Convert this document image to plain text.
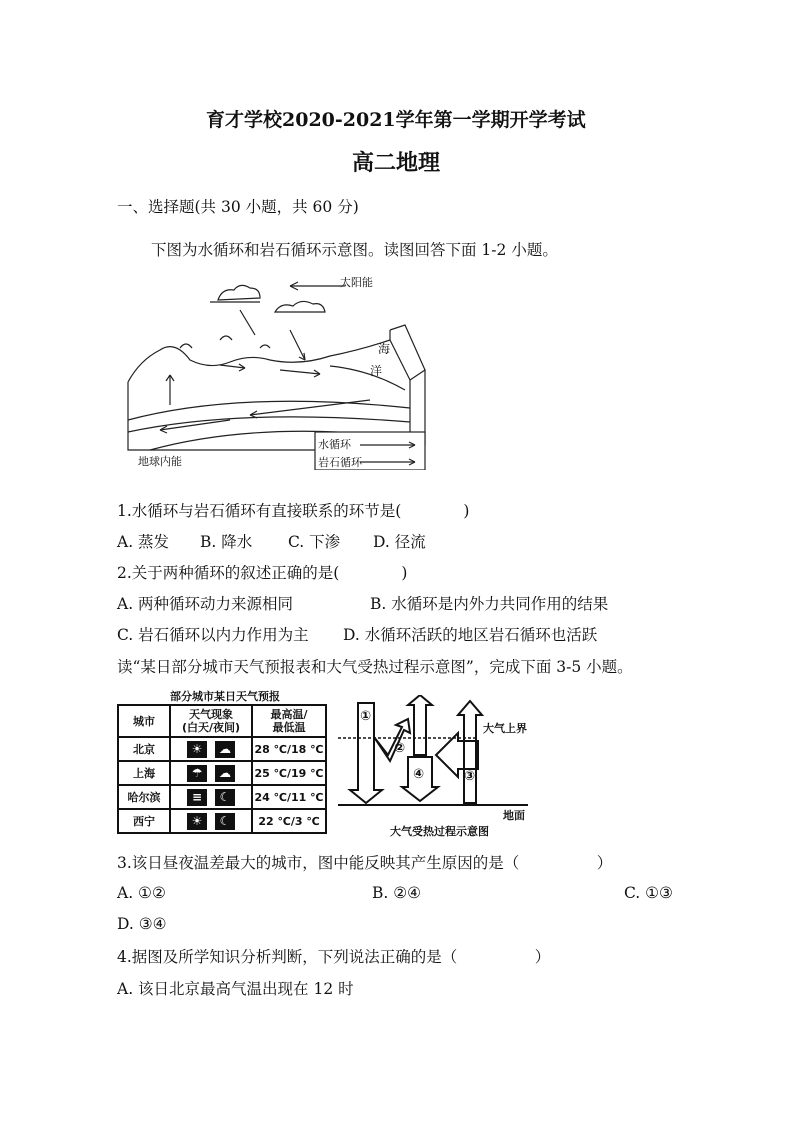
育才学校2020-2021学年第一学期开学考试
高二地理
一、选择题(共 30 小题，共 60 分)
下图为水循环和岩石循环示意图。读图回答下面 1-2 小题。
太阳能
海
洋
地球内能
水循环
岩石循环
1.水循环与岩石循环有直接联系的环节是(　　　　)
A. 蒸发 B. 降水 C. 下渗 D. 径流
2.关于两种循环的叙述正确的是(　　　　)
A. 两种循环动力来源相同	B. 水循环是内外力共同作用的结果
C. 岩石循环以内力作用为主 D. 水循环活跃的地区岩石循环也活跃
读“某日部分城市天气预报表和大气受热过程示意图”，完成下面 3-5 小题。
部分城市某日天气预报
城市	天气现象
(白天/夜间)	最高温/
最低温
北京	☀ ☁	28 ℃/18 ℃
上海	☂ ☁	25 ℃/19 ℃
哈尔滨	≡ ☾	24 ℃/11 ℃
西宁	☀ ☾	22 ℃/3 ℃
①
②
③
④
大气上界
地面
大气受热过程示意图
3.该日昼夜温差最大的城市，图中能反映其产生原因的是（　　　　　）
A. ①②	B. ②④	C. ①③
D. ③④
4.据图及所学知识分析判断，下列说法正确的是（　　　　　）
A. 该日北京最高气温出现在 12 时
